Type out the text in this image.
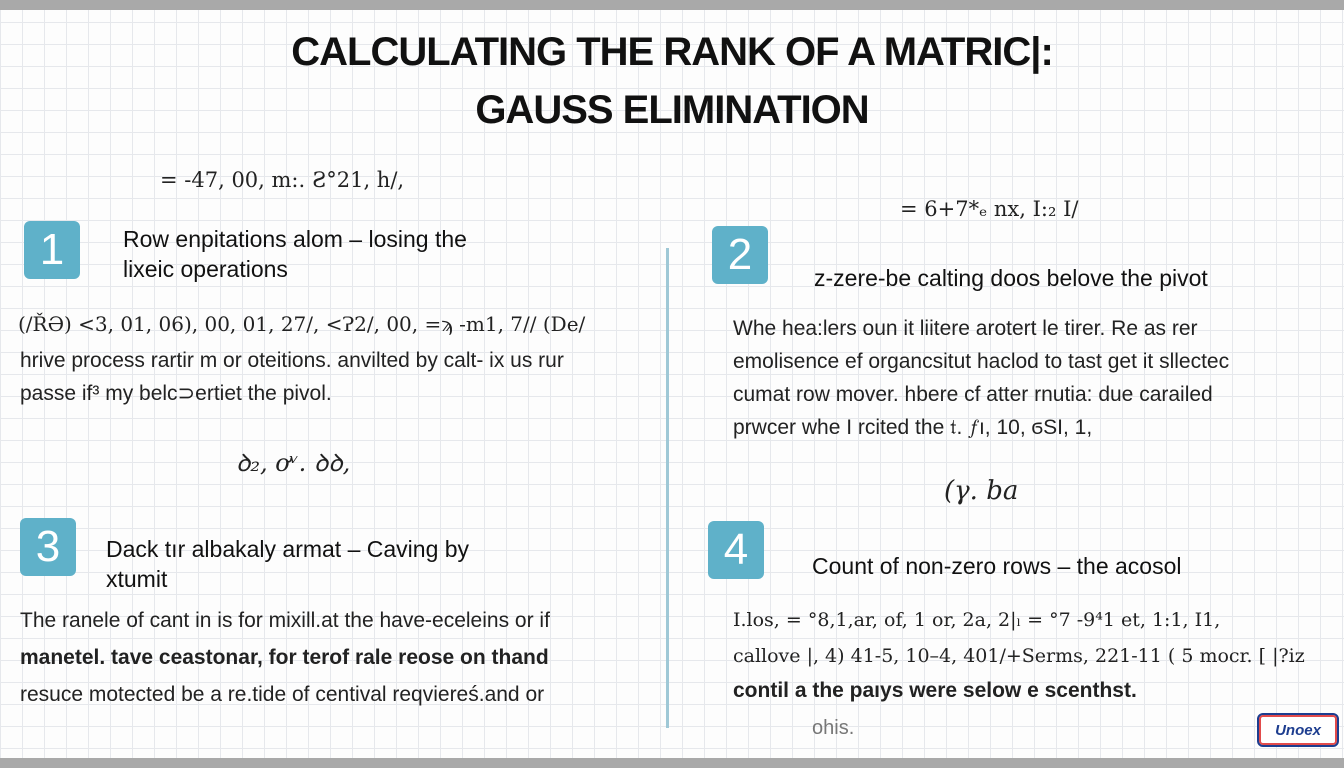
CALCULATING THE RANK OF A MATRIC|:
GAUSS ELIMINATION
= -47, 00, m:. Ƨ°21, h/,
= 6+7*ₑ nx, I:₂ I/
1	Row enpitations alom – losing the
lixeic operations
(/ŘƏ) <3, 01, 06), 00, 01, 27/, <Ɂ2/, 00, =ϡ -m1, 7// (De/
hrive process rartir m or oteitions. anvilted by calt- ix us rur
passe if³ my belc⊃ertiet the pivol.
ꝺ₂, ơᵛ. ꝺꝺ,
2	z-zere-be calting doos belove the pivot
Whe hea:lers oun it liitere arotert le tirer. Re as rer
emolisence ef organcsitut haclod to tast get it sllectec
cumat row mover. hbere cf atter rnutia: due carailed
prwcer whe I rcited the 𝔱. 𝑓ı, 10, ϭSI, 1,
(𝛾. 𝑏a
3	Dack tır albakaly armat – Caving by
xtumit
The ranele of cant in is for mixill.at the have-eceleins or if
manetel. tave ceastonar, for terof rale reose on thand
resuce motected be a re.tide of centival reqviereś.and or
4	Count of non-zero rows – the acosol
I.los, = °8,1,ar, of, 1 or, 2a, 2|ₗ = °7 -9⁴1 et, 1:1, I1,
callove |, 4) 41-5, 10–4, 401/+Serms, 221-11 ( 5 mocr. [ |?iz
contil a the paıys were selow e scenthst.
ohis.	Unoex
